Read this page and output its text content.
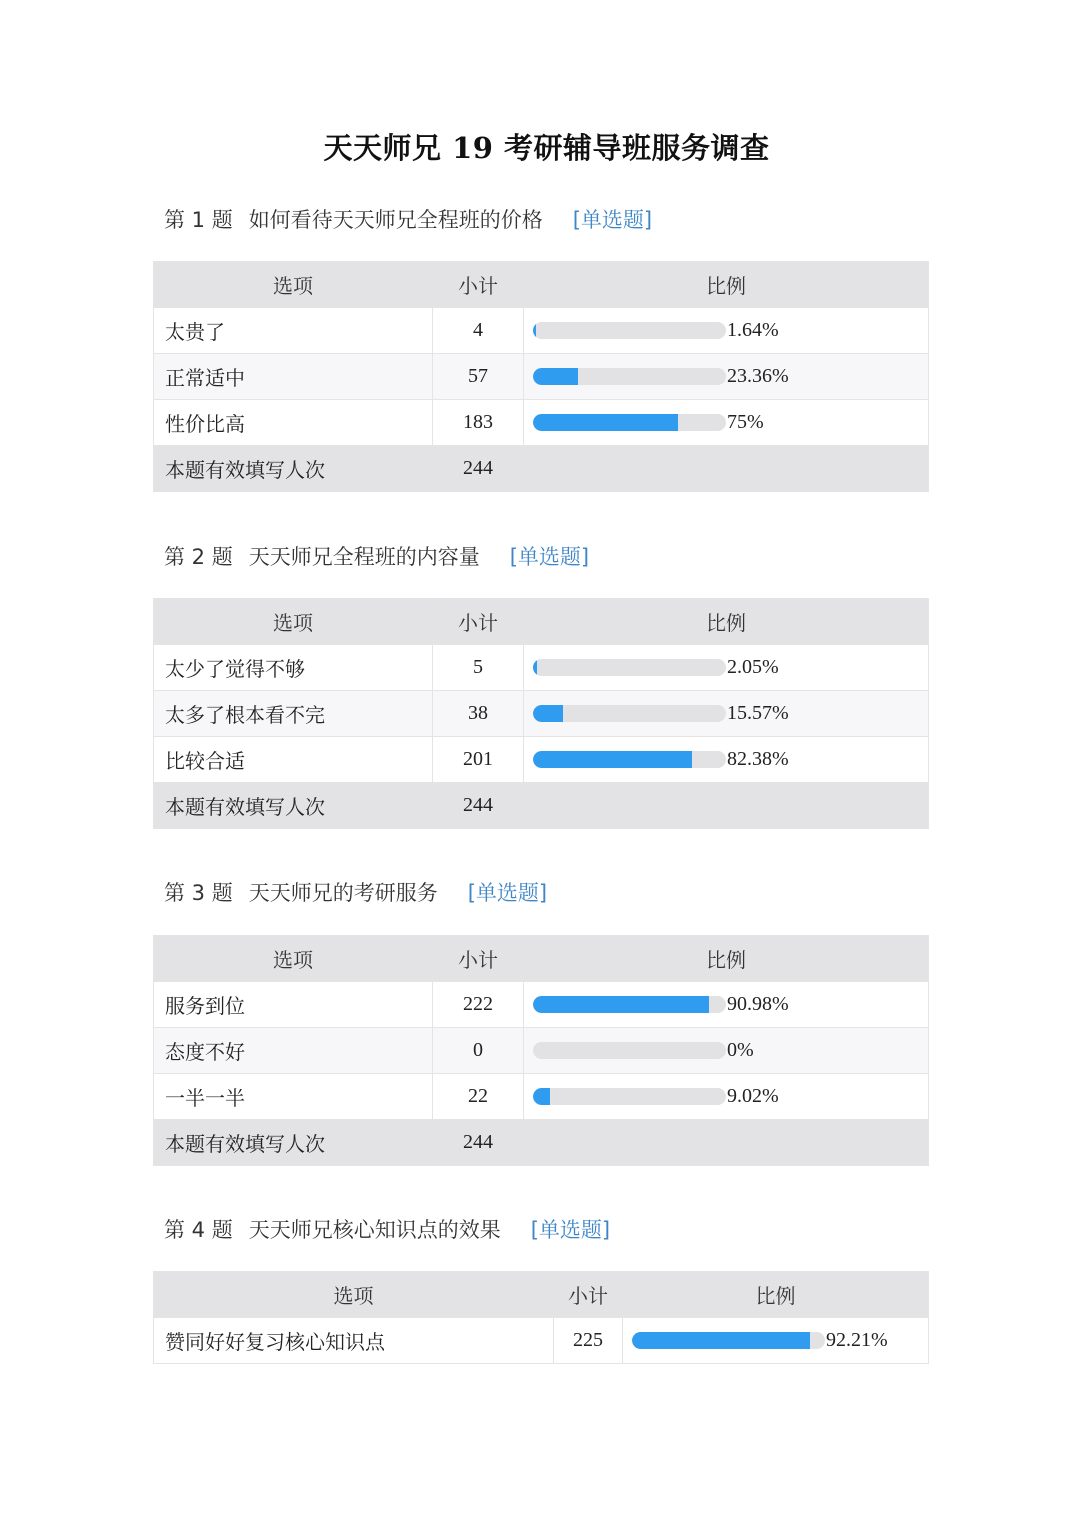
天天师兄 19 考研辅导班服务调查
第 1 题 如何看待天天师兄全程班的价格 [单选题]
选项	小计	比例
太贵了	4	1.64%
正常适中	57	23.36%
性价比高	183	75%
本题有效填写人次	244	
第 2 题 天天师兄全程班的内容量 [单选题]
选项	小计	比例
太少了觉得不够	5	2.05%
太多了根本看不完	38	15.57%
比较合适	201	82.38%
本题有效填写人次	244	
第 3 题 天天师兄的考研服务 [单选题]
选项	小计	比例
服务到位	222	90.98%
态度不好	0	0%
一半一半	22	9.02%
本题有效填写人次	244	
第 4 题 天天师兄核心知识点的效果 [单选题]
选项	小计	比例
赞同好好复习核心知识点	225	92.21%
